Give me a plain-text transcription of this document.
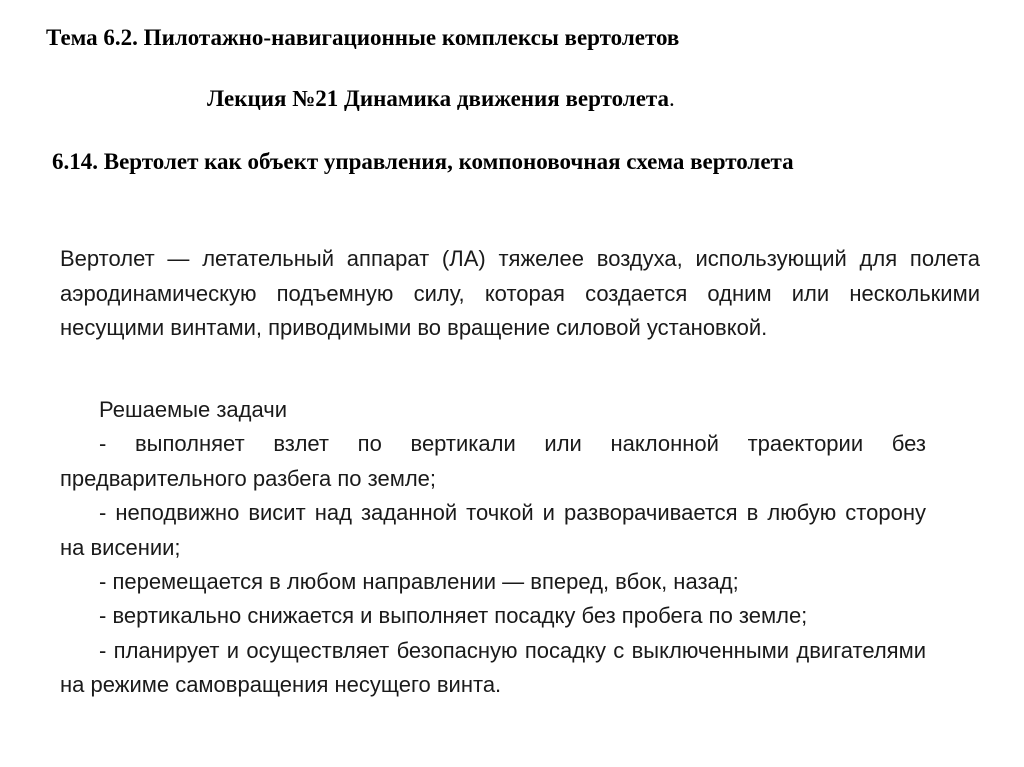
Тема 6.2. Пилотажно-навигационные комплексы вертолетов
Лекция №21 Динамика движения вертолета.
6.14. Вертолет как объект управления, компоновочная схема вертолета

Вертолет — летательный аппарат (ЛА) тяжелее воздуха, использующий для полета аэродинамическую подъемную силу, которая создается одним или несколькими несущими винтами, приводимыми во вращение силовой установкой.

Решаемые задачи
- выполняет взлет по вертикали или наклонной траектории без предварительного разбега по земле;
- неподвижно висит над заданной точкой и разворачивается в любую сторону на висении;
- перемещается в любом направлении — вперед, вбок, назад;
- вертикально снижается и выполняет посадку без пробега по земле;
- планирует и осуществляет безопасную посадку с выключенными двигателями на режиме самовращения несущего винта.
